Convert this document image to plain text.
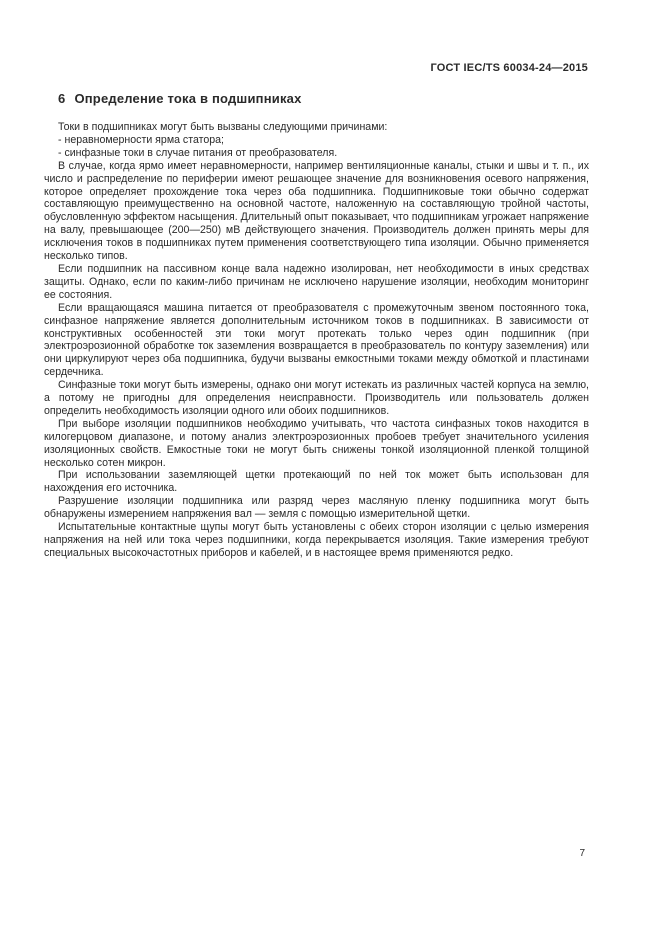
ГОСТ IEC/TS 60034-24—2015
6 Определение тока в подшипниках

Токи в подшипниках могут быть вызваны следующими причинами:

- неравномерности ярма статора;

- синфазные токи в случае питания от преобразователя.

В случае, когда ярмо имеет неравномерности, например вентиляционные каналы, стыки и швы и т. п., их число и распределение по периферии имеют решающее значение для возникновения осевого напряжения, которое определяет прохождение тока через оба подшипника. Подшипниковые токи обычно содержат составляющую преимущественно на основной частоте, наложенную на составляющую тройной частоты, обусловленную эффектом насыщения. Длительный опыт показывает, что подшипникам угрожает напряжение на валу, превышающее (200—250) мВ действующего значения. Производитель должен принять меры для исключения токов в подшипниках путем применения соответствующего типа изоляции. Обычно применяется несколько типов.

Если подшипник на пассивном конце вала надежно изолирован, нет необходимости в иных средствах защиты. Однако, если по каким-либо причинам не исключено нарушение изоляции, необходим мониторинг ее состояния.

Если вращающаяся машина питается от преобразователя с промежуточным звеном постоянного тока, синфазное напряжение является дополнительным источником токов в подшипниках. В зависимости от конструктивных особенностей эти токи могут протекать только через один подшипник (при электроэрозионной обработке ток заземления возвращается в преобразователь по контуру заземления) или они циркулируют через оба подшипника, будучи вызваны емкостными токами между обмоткой и пластинами сердечника.

Синфазные токи могут быть измерены, однако они могут истекать из различных частей корпуса на землю, а потому не пригодны для определения неисправности. Производитель или пользователь должен определить необходимость изоляции одного или обоих подшипников.

При выборе изоляции подшипников необходимо учитывать, что частота синфазных токов находится в килогерцовом диапазоне, и потому анализ электроэрозионных пробоев требует значительного усиления изоляционных свойств. Емкостные токи не могут быть снижены тонкой изоляционной пленкой толщиной несколько сотен микрон.

При использовании заземляющей щетки протекающий по ней ток может быть использован для нахождения его источника.

Разрушение изоляции подшипника или разряд через масляную пленку подшипника могут быть обнаружены измерением напряжения вал — земля с помощью измерительной щетки.

Испытательные контактные щупы могут быть установлены с обеих сторон изоляции с целью измерения напряжения на ней или тока через подшипники, когда перекрывается изоляция. Такие измерения требуют специальных высокочастотных приборов и кабелей, и в настоящее время применяются редко.

7
